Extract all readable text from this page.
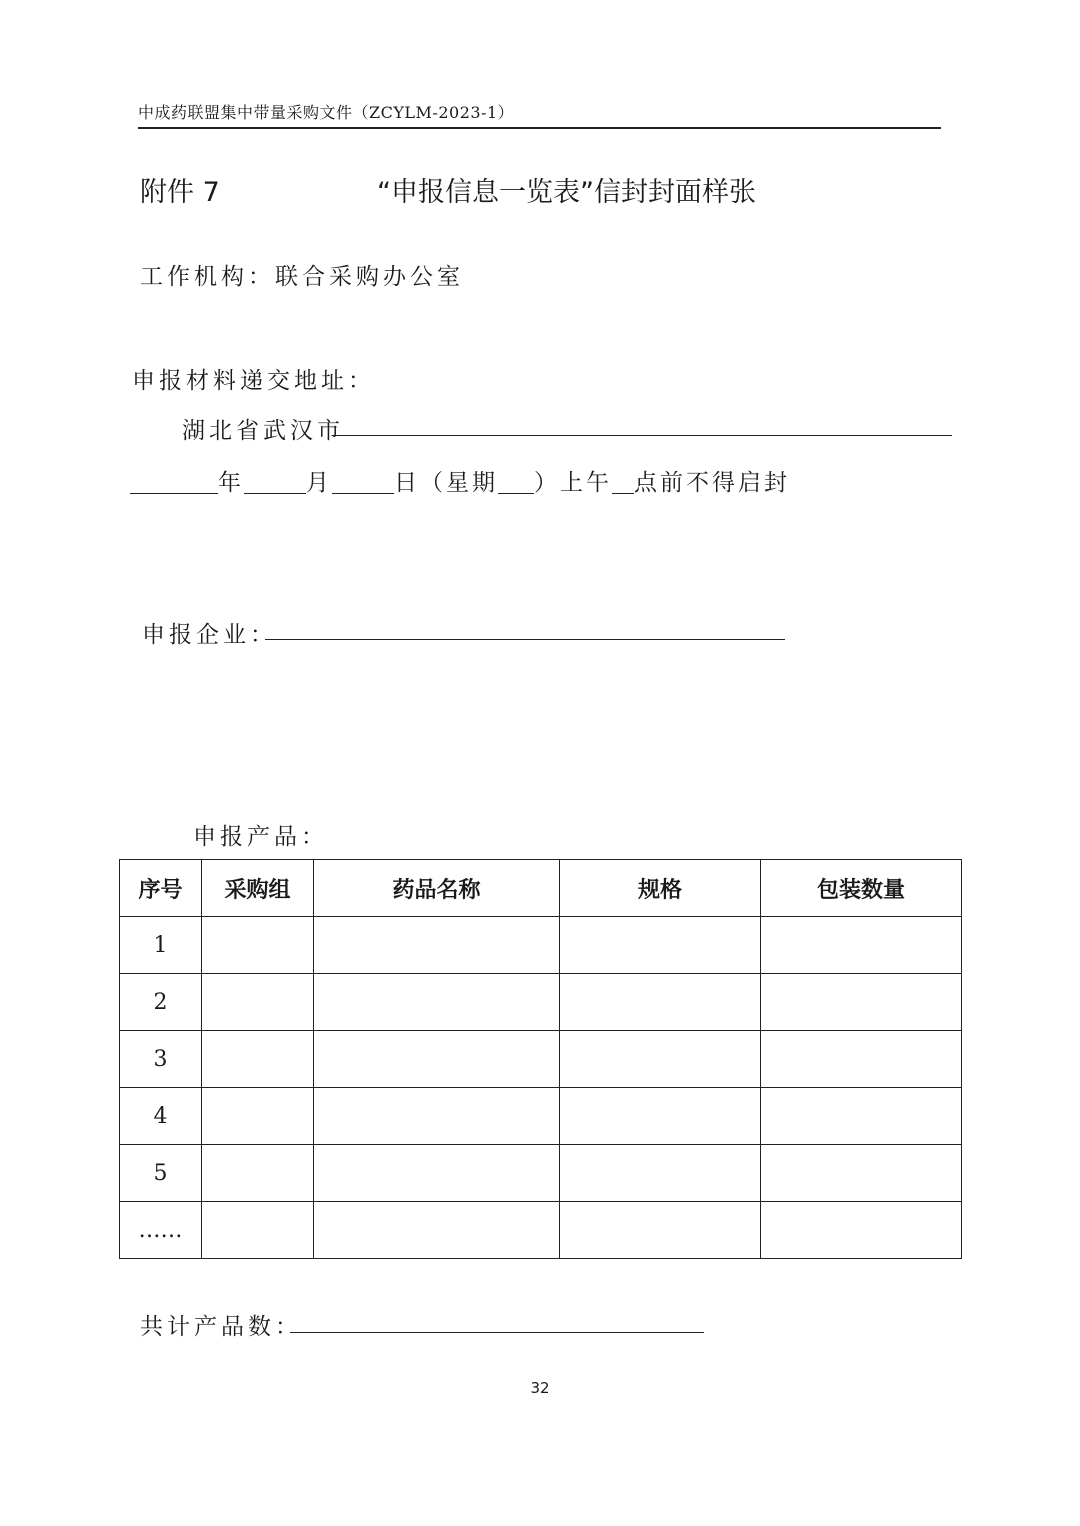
中成药联盟集中带量采购文件（ZCYLM-2023-1）
附件 7	“申报信息一览表”信封封面样张
工作机构：联合采购办公室
申报材料递交地址：
湖北省武汉市
年	月	日（星期 ）上午 点前不得启封
申报企业：
申报产品：
序号	采购组	药品名称	规格	包装数量
1				
2				
3				
4				
5				
……				
共计产品数：
32
